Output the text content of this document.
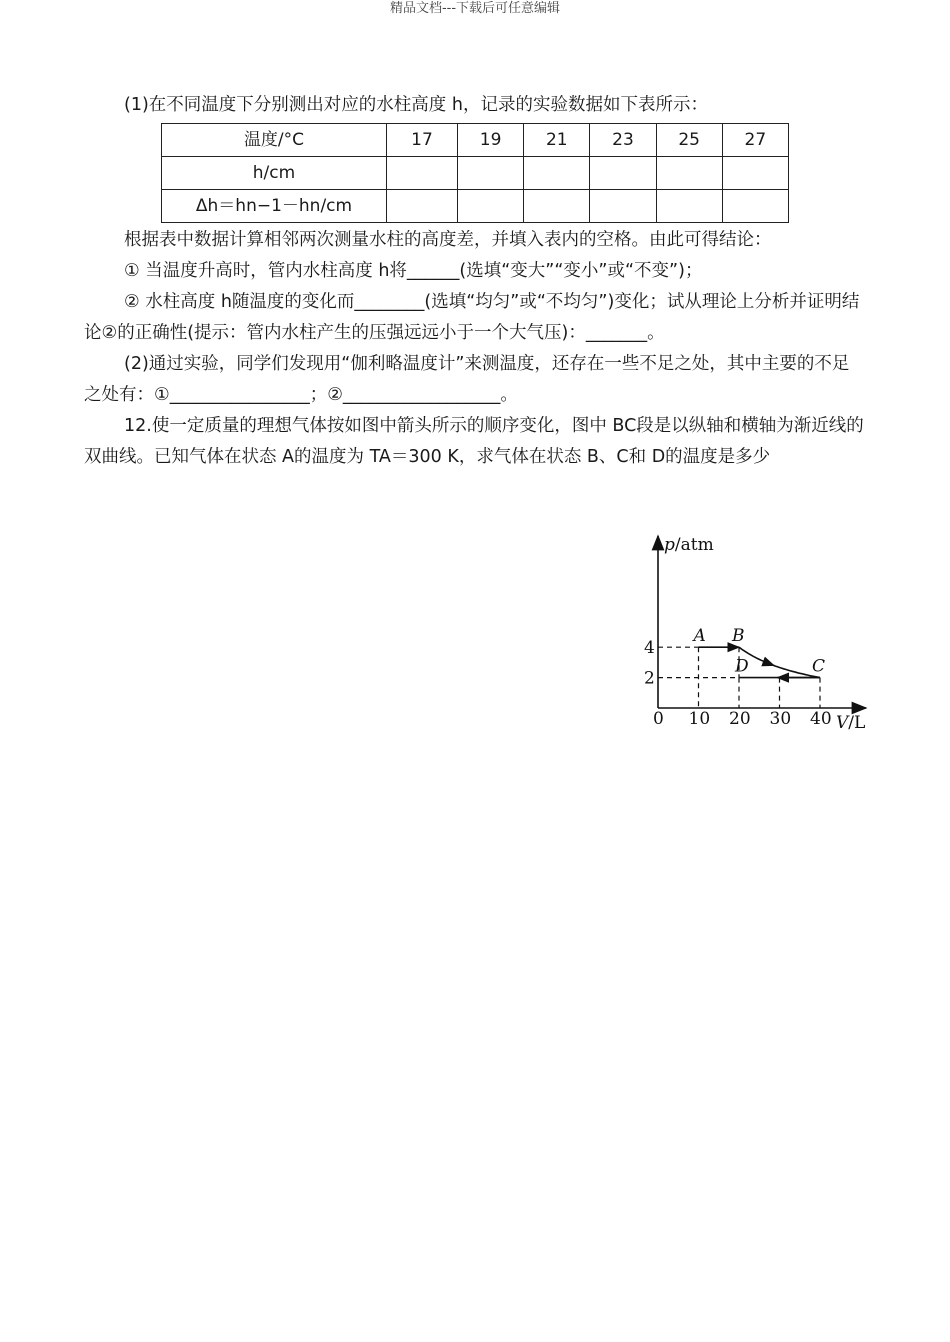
精品文档---下载后可任意编辑

(1)在不同温度下分别测出对应的水柱高度 h，记录的实验数据如下表所示：

温度/°C	17	19	21	23	25	27
h/cm						
Δh＝hn−1－hn/cm						

根据表中数据计算相邻两次测量水柱的高度差，并填入表内的空格。由此可得结论：

① 当温度升高时，管内水柱高度 h将______(选填“变大”“变小”或“不变”)；

② 水柱高度 h随温度的变化而________(选填“均匀”或“不均匀”)变化；试从理论上分析并证明结论②的正确性(提示：管内水柱产生的压强远远小于一个大气压)：_______。

(2)通过实验，同学们发现用“伽利略温度计”来测温度，还存在一些不足之处，其中主要的不足之处有：①________________；②__________________。

12.使一定质量的理想气体按如图中箭头所示的顺序变化，图中 BC段是以纵轴和横轴为渐近线的双曲线。已知气体在状态 A的温度为 TA＝300 K，求气体在状态 B、C和 D的温度是多少

p/atm
V/L
0 10 20 30 40
2
4
A B
C
D
